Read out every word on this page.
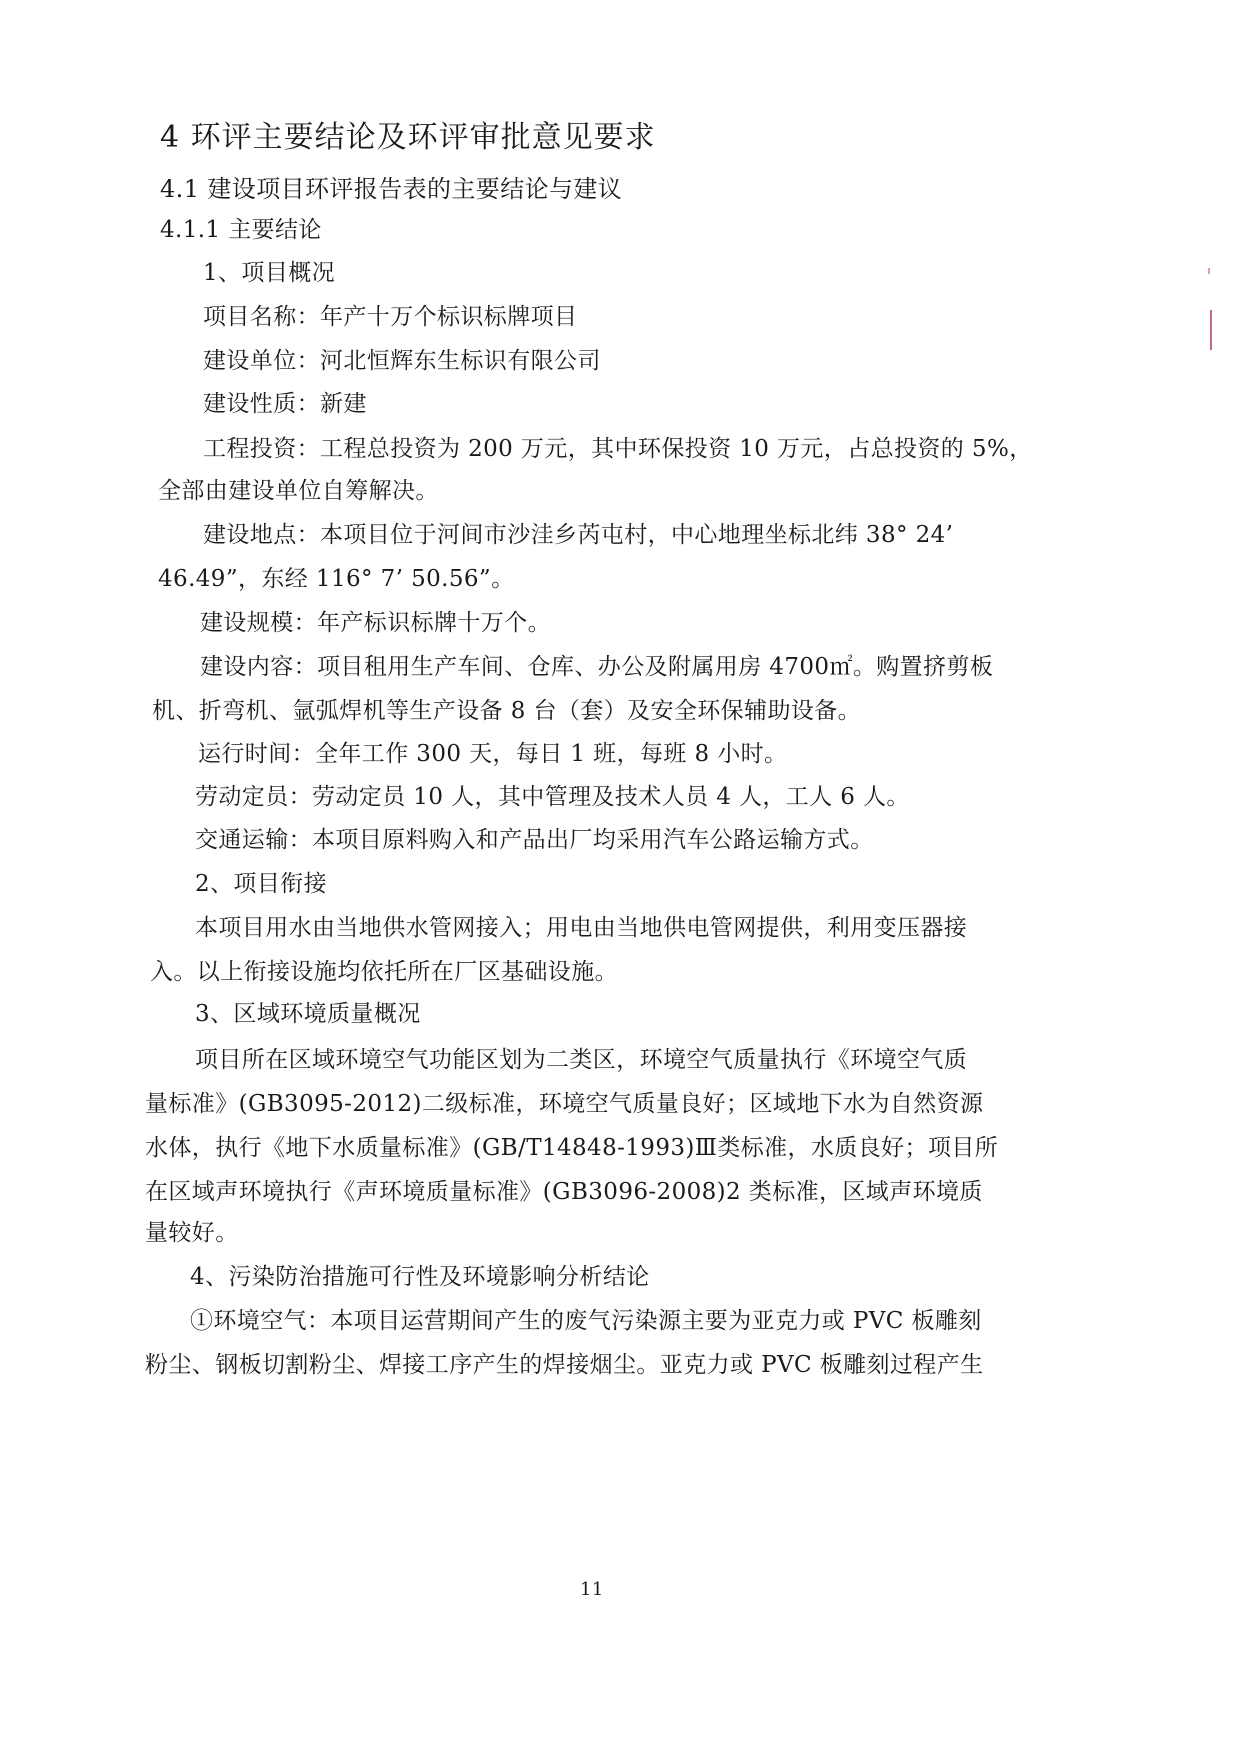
4 环评主要结论及环评审批意见要求
4.1 建设项目环评报告表的主要结论与建议
4.1.1 主要结论
1、项目概况
项目名称：年产十万个标识标牌项目
建设单位：河北恒辉东生标识有限公司
建设性质：新建
工程投资：工程总投资为 200 万元，其中环保投资 10 万元，占总投资的 5%，
全部由建设单位自筹解决。
建设地点：本项目位于河间市沙洼乡芮屯村，中心地理坐标北纬 38° 24’
46.49”，东经 116° 7’ 50.56”。
建设规模：年产标识标牌十万个。
建设内容：项目租用生产车间、仓库、办公及附属用房 4700㎡。购置挤剪板
机、折弯机、氩弧焊机等生产设备 8 台（套）及安全环保辅助设备。
运行时间：全年工作 300 天，每日 1 班，每班 8 小时。
劳动定员：劳动定员 10 人，其中管理及技术人员 4 人，工人 6 人。
交通运输：本项目原料购入和产品出厂均采用汽车公路运输方式。
2、项目衔接
本项目用水由当地供水管网接入；用电由当地供电管网提供，利用变压器接
入。以上衔接设施均依托所在厂区基础设施。
3、区域环境质量概况
项目所在区域环境空气功能区划为二类区，环境空气质量执行《环境空气质
量标准》(GB3095-2012)二级标准，环境空气质量良好；区域地下水为自然资源
水体，执行《地下水质量标准》(GB/T14848-1993)Ⅲ类标准，水质良好；项目所
在区域声环境执行《声环境质量标准》(GB3096-2008)2 类标准，区域声环境质
量较好。
4、污染防治措施可行性及环境影响分析结论
①环境空气：本项目运营期间产生的废气污染源主要为亚克力或 PVC 板雕刻
粉尘、钢板切割粉尘、焊接工序产生的焊接烟尘。亚克力或 PVC 板雕刻过程产生
11
